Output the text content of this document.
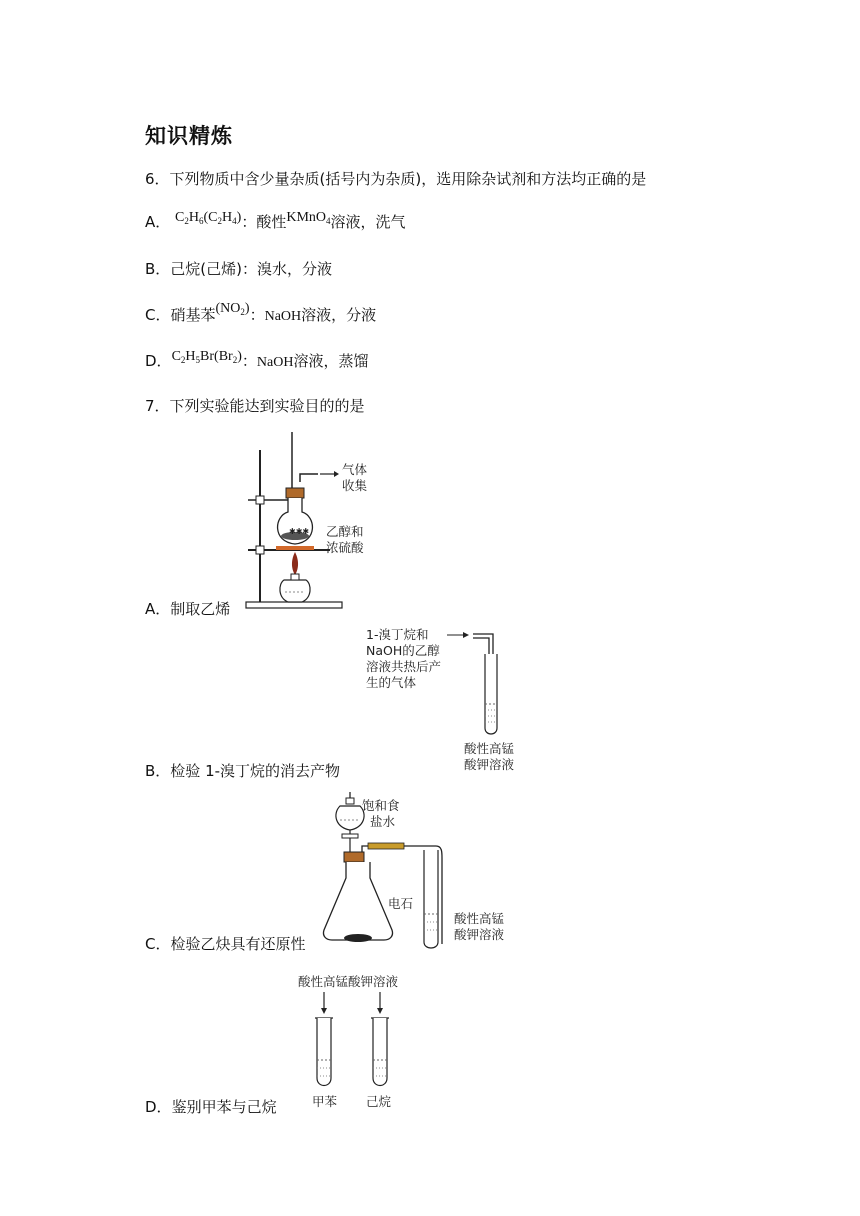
知识精炼
6．下列物质中含少量杂质(括号内为杂质)，选用除杂试剂和方法均正确的是
A． $C_2H_6(C_2H_4)$：酸性KMnO$_4$溶液，洗气
B．己烷(己烯)：溴水，分液
C．硝基苯$(NO_2)$：NaOH溶液，分液
D．$C_2H_5Br(Br_2)$：NaOH溶液，蒸馏
7．下列实验能达到实验目的的是
✱✱✱
气体
收集
乙醇和
浓硫酸
A．制取乙烯
1-溴丁烷和
NaOH的乙醇
溶液共热后产
生的气体
酸性高锰
酸钾溶液
B．检验 1-溴丁烷的消去产物
饱和食
盐水
电石
酸性高锰
酸钾溶液
C．检验乙炔具有还原性
酸性高锰酸钾溶液
甲苯 己烷
D．鉴别甲苯与己烷
